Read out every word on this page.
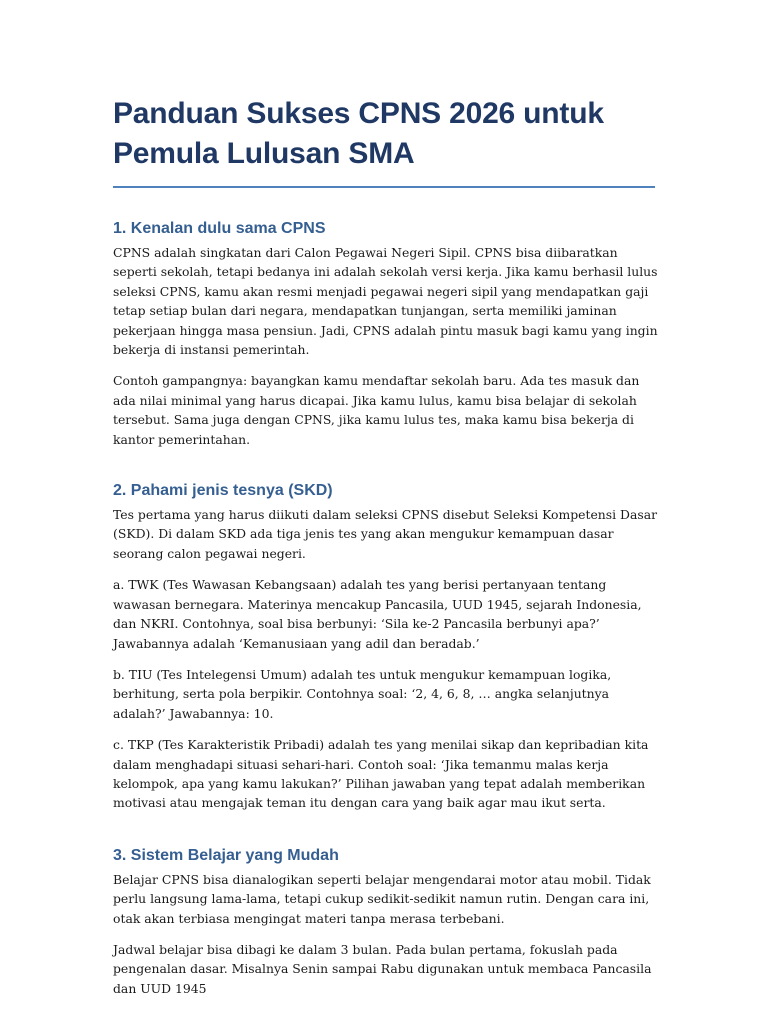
Panduan Sukses CPNS 2026 untuk Pemula Lulusan SMA
1. Kenalan dulu sama CPNS

CPNS adalah singkatan dari Calon Pegawai Negeri Sipil. CPNS bisa diibaratkan seperti sekolah, tetapi bedanya ini adalah sekolah versi kerja. Jika kamu berhasil lulus seleksi CPNS, kamu akan resmi menjadi pegawai negeri sipil yang mendapatkan gaji tetap setiap bulan dari negara, mendapatkan tunjangan, serta memiliki jaminan pekerjaan hingga masa pensiun. Jadi, CPNS adalah pintu masuk bagi kamu yang ingin bekerja di instansi pemerintah.

Contoh gampangnya: bayangkan kamu mendaftar sekolah baru. Ada tes masuk dan ada nilai minimal yang harus dicapai. Jika kamu lulus, kamu bisa belajar di sekolah tersebut. Sama juga dengan CPNS, jika kamu lulus tes, maka kamu bisa bekerja di kantor pemerintahan.

2. Pahami jenis tesnya (SKD)

Tes pertama yang harus diikuti dalam seleksi CPNS disebut Seleksi Kompetensi Dasar (SKD). Di dalam SKD ada tiga jenis tes yang akan mengukur kemampuan dasar seorang calon pegawai negeri.

a. TWK (Tes Wawasan Kebangsaan) adalah tes yang berisi pertanyaan tentang wawasan bernegara. Materinya mencakup Pancasila, UUD 1945, sejarah Indonesia, dan NKRI. Contohnya, soal bisa berbunyi: ‘Sila ke-2 Pancasila berbunyi apa?’ Jawabannya adalah ‘Kemanusiaan yang adil dan beradab.’

b. TIU (Tes Intelegensi Umum) adalah tes untuk mengukur kemampuan logika, berhitung, serta pola berpikir. Contohnya soal: ‘2, 4, 6, 8, … angka selanjutnya adalah?’ Jawabannya: 10.

c. TKP (Tes Karakteristik Pribadi) adalah tes yang menilai sikap dan kepribadian kita dalam menghadapi situasi sehari-hari. Contoh soal: ‘Jika temanmu malas kerja kelompok, apa yang kamu lakukan?’ Pilihan jawaban yang tepat adalah memberikan motivasi atau mengajak teman itu dengan cara yang baik agar mau ikut serta.

3. Sistem Belajar yang Mudah

Belajar CPNS bisa dianalogikan seperti belajar mengendarai motor atau mobil. Tidak perlu langsung lama-lama, tetapi cukup sedikit-sedikit namun rutin. Dengan cara ini, otak akan terbiasa mengingat materi tanpa merasa terbebani.

Jadwal belajar bisa dibagi ke dalam 3 bulan. Pada bulan pertama, fokuslah pada pengenalan dasar. Misalnya Senin sampai Rabu digunakan untuk membaca Pancasila dan UUD 1945
